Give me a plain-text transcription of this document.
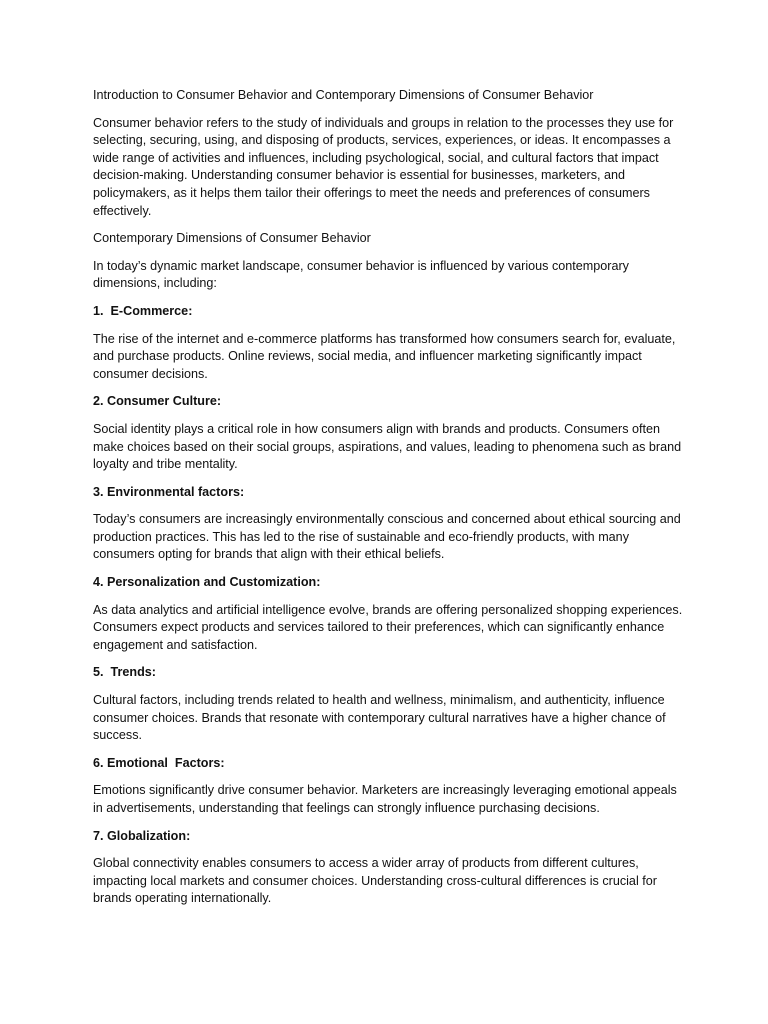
Introduction to Consumer Behavior and Contemporary Dimensions of Consumer Behavior

Consumer behavior refers to the study of individuals and groups in relation to the processes they use for selecting, securing, using, and disposing of products, services, experiences, or ideas. It encompasses a wide range of activities and influences, including psychological, social, and cultural factors that impact decision-making. Understanding consumer behavior is essential for businesses, marketers, and policymakers, as it helps them tailor their offerings to meet the needs and preferences of consumers effectively.

Contemporary Dimensions of Consumer Behavior

In today’s dynamic market landscape, consumer behavior is influenced by various contemporary dimensions, including:

1.  E-Commerce:

The rise of the internet and e-commerce platforms has transformed how consumers search for, evaluate, and purchase products. Online reviews, social media, and influencer marketing significantly impact consumer decisions.

2. Consumer Culture:

Social identity plays a critical role in how consumers align with brands and products. Consumers often make choices based on their social groups, aspirations, and values, leading to phenomena such as brand loyalty and tribe mentality.

3. Environmental factors:

Today’s consumers are increasingly environmentally conscious and concerned about ethical sourcing and production practices. This has led to the rise of sustainable and eco-friendly products, with many consumers opting for brands that align with their ethical beliefs.

4. Personalization and Customization:

As data analytics and artificial intelligence evolve, brands are offering personalized shopping experiences. Consumers expect products and services tailored to their preferences, which can significantly enhance engagement and satisfaction.

5.  Trends:

Cultural factors, including trends related to health and wellness, minimalism, and authenticity, influence consumer choices. Brands that resonate with contemporary cultural narratives have a higher chance of success.

6. Emotional  Factors:

Emotions significantly drive consumer behavior. Marketers are increasingly leveraging emotional appeals in advertisements, understanding that feelings can strongly influence purchasing decisions.

7. Globalization:

Global connectivity enables consumers to access a wider array of products from different cultures, impacting local markets and consumer choices. Understanding cross-cultural differences is crucial for brands operating internationally.
